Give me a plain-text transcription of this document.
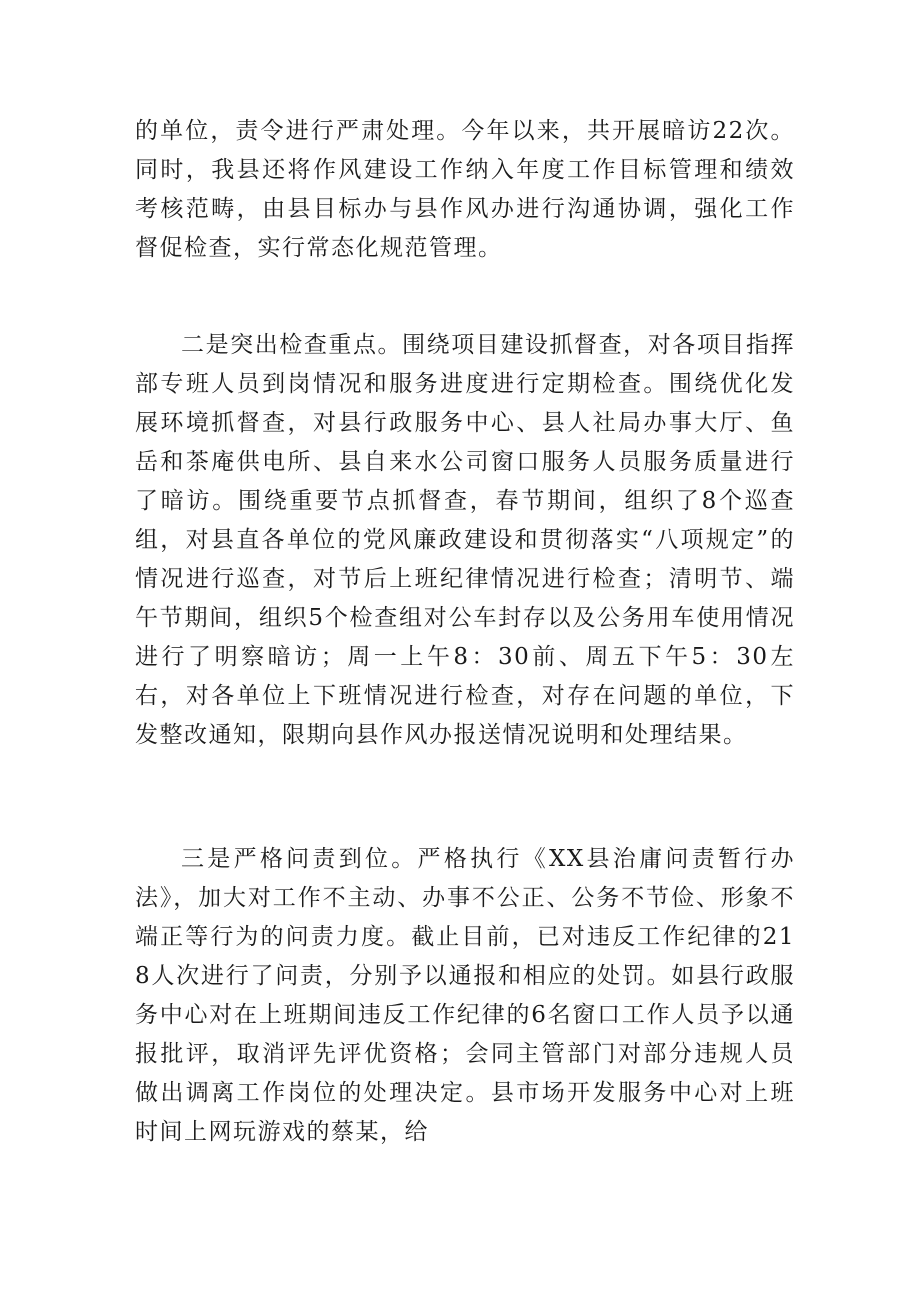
的单位，责令进行严肃处理。今年以来，共开展暗访22次。同时，我县还将作风建设工作纳入年度工作目标管理和绩效考核范畴，由县目标办与县作风办进行沟通协调，强化工作督促检查，实行常态化规范管理。

二是突出检查重点。围绕项目建设抓督查，对各项目指挥部专班人员到岗情况和服务进度进行定期检查。围绕优化发展环境抓督查，对县行政服务中心、县人社局办事大厅、鱼岳和茶庵供电所、县自来水公司窗口服务人员服务质量进行了暗访。围绕重要节点抓督查，春节期间，组织了8个巡查组，对县直各单位的党风廉政建设和贯彻落实“八项规定”的情况进行巡查，对节后上班纪律情况进行检查；清明节、端午节期间，组织5个检查组对公车封存以及公务用车使用情况进行了明察暗访；周一上午8：30前、周五下午5：30左右，对各单位上下班情况进行检查，对存在问题的单位，下发整改通知，限期向县作风办报送情况说明和处理结果。

三是严格问责到位。严格执行《XX县治庸问责暂行办法》，加大对工作不主动、办事不公正、公务不节俭、形象不端正等行为的问责力度。截止目前，已对违反工作纪律的218人次进行了问责，分别予以通报和相应的处罚。如县行政服务中心对在上班期间违反工作纪律的6名窗口工作人员予以通报批评，取消评先评优资格；会同主管部门对部分违规人员做出调离工作岗位的处理决定。县市场开发服务中心对上班时间上网玩游戏的蔡某，给
